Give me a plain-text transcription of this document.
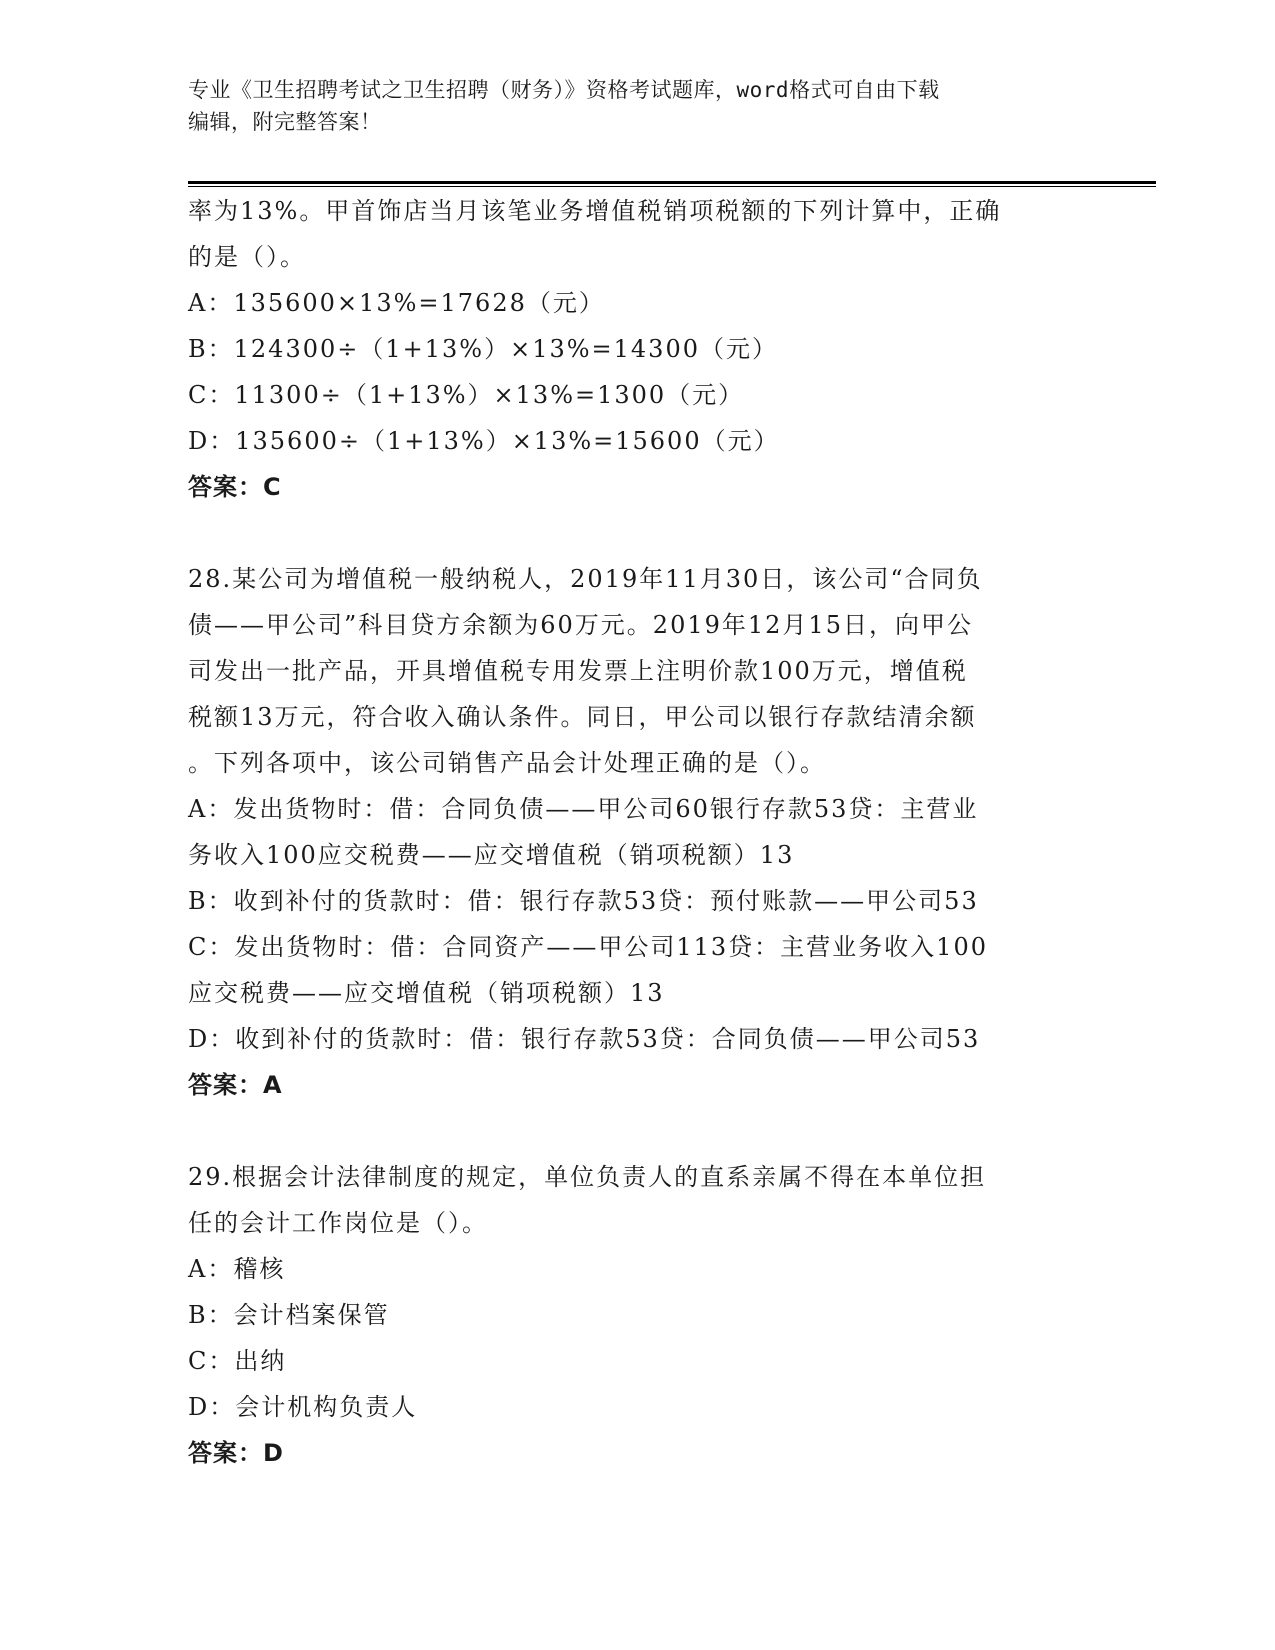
专业《卫生招聘考试之卫生招聘（财务）》资格考试题库，word格式可自由下载
编辑，附完整答案！
率为13%。甲首饰店当月该笔业务增值税销项税额的下列计算中，正确
的是（）。
A：135600×13%=17628（元）
B：124300÷（1+13%）×13%=14300（元）
C：11300÷（1+13%）×13%=1300（元）
D：135600÷（1+13%）×13%=15600（元）
答案：C
28.某公司为增值税一般纳税人，2019年11月30日，该公司“合同负
债——甲公司”科目贷方余额为60万元。2019年12月15日，向甲公
司发出一批产品，开具增值税专用发票上注明价款100万元，增值税
税额13万元，符合收入确认条件。同日，甲公司以银行存款结清余额
。下列各项中，该公司销售产品会计处理正确的是（）。
A：发出货物时：借：合同负债——甲公司60银行存款53贷：主营业
务收入100应交税费——应交增值税（销项税额）13
B：收到补付的货款时：借：银行存款53贷：预付账款——甲公司53
C：发出货物时：借：合同资产——甲公司113贷：主营业务收入100
应交税费——应交增值税（销项税额）13
D：收到补付的货款时：借：银行存款53贷：合同负债——甲公司53
答案：A
29.根据会计法律制度的规定，单位负责人的直系亲属不得在本单位担
任的会计工作岗位是（）。
A：稽核
B：会计档案保管
C：出纳
D：会计机构负责人
答案：D
